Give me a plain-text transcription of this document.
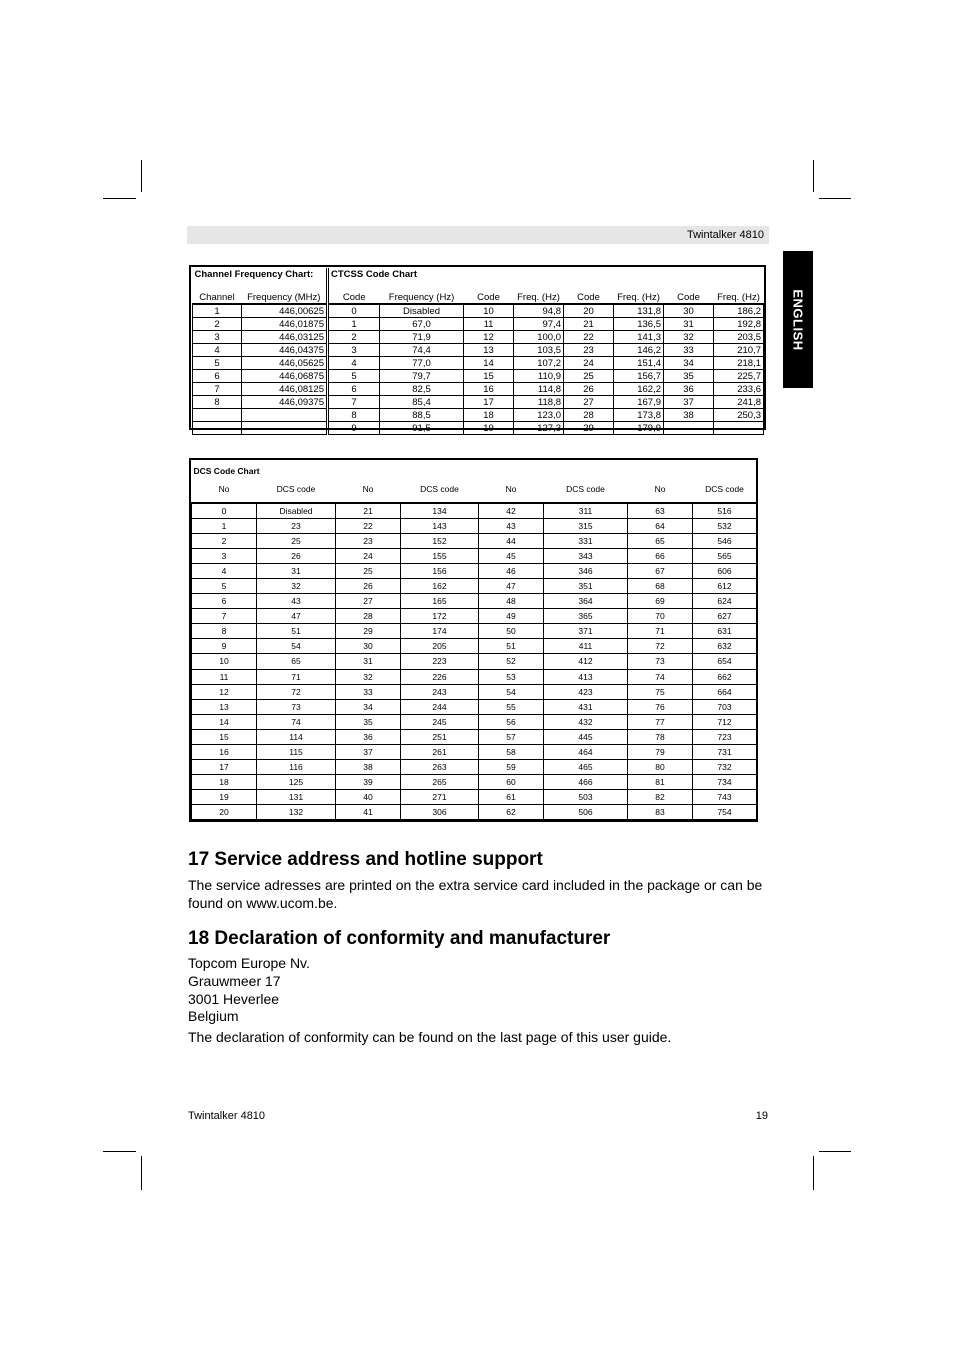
Twintalker 4810
ENGLISH
Channel Frequency Chart:		CTCSS Code Chart							
Channel	Frequency (MHz)	Code	Frequency (Hz)	Code	Freq. (Hz)	Code	Freq. (Hz)	Code	Freq. (Hz)
1	446,00625	0	Disabled	10	94,8	20	131,8	30	186,2
2	446,01875	1	67,0	11	97,4	21	136,5	31	192,8
3	446,03125	2	71,9	12	100,0	22	141,3	32	203,5
4	446,04375	3	74,4	13	103,5	23	146,2	33	210,7
5	446,05625	4	77,0	14	107,2	24	151,4	34	218,1
6	446,06875	5	79,7	15	110,9	25	156,7	35	225,7
7	446,08125	6	82,5	16	114,8	26	162,2	36	233,6
8	446,09375	7	85,4	17	118,8	27	167,9	37	241,8
		8	88,5	18	123,0	28	173,8	38	250,3
		9	91,5	19	127,3	29	179,9		
DCS Code Chart							
No	DCS code	No	DCS code	No	DCS code	No	DCS code
0	Disabled	21	134	42	311	63	516
1	23	22	143	43	315	64	532
2	25	23	152	44	331	65	546
3	26	24	155	45	343	66	565
4	31	25	156	46	346	67	606
5	32	26	162	47	351	68	612
6	43	27	165	48	364	69	624
7	47	28	172	49	365	70	627
8	51	29	174	50	371	71	631
9	54	30	205	51	411	72	632
10	65	31	223	52	412	73	654
11	71	32	226	53	413	74	662
12	72	33	243	54	423	75	664
13	73	34	244	55	431	76	703
14	74	35	245	56	432	77	712
15	114	36	251	57	445	78	723
16	115	37	261	58	464	79	731
17	116	38	263	59	465	80	732
18	125	39	265	60	466	81	734
19	131	40	271	61	503	82	743
20	132	41	306	62	506	83	754
17 Service address and hotline support

The service adresses are printed on the extra service card included in the package or can be

found on www.ucom.be.

18 Declaration of conformity and manufacturer

Topcom Europe Nv.

Grauwmeer 17

3001 Heverlee

Belgium

The declaration of conformity can be found on the last page of this user guide.

Twintalker 4810	19
